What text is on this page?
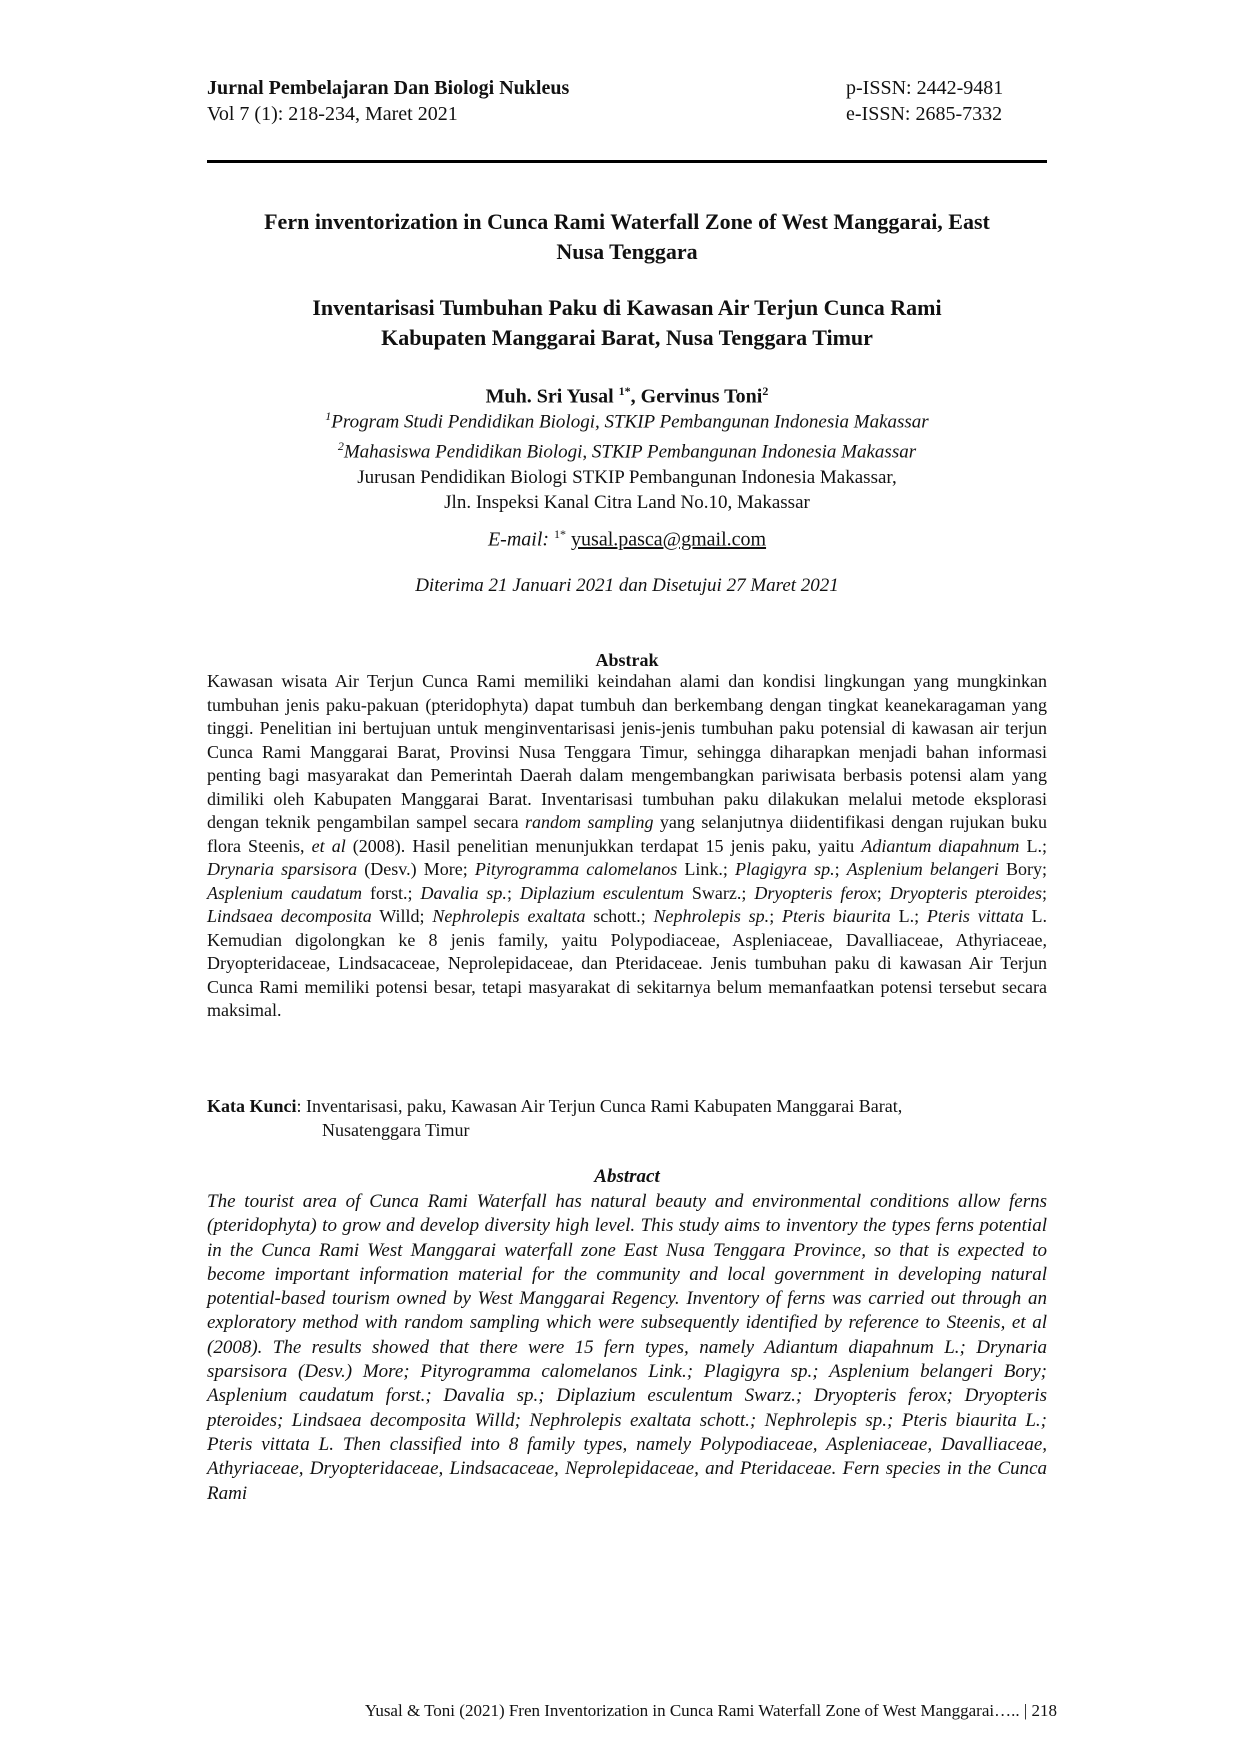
Jurnal Pembelajaran Dan Biologi Nukleus
Vol 7 (1): 218-234, Maret 2021
p-ISSN: 2442-9481
e-ISSN: 2685-7332
Fern inventorization in Cunca Rami Waterfall Zone of West Manggarai, East
Nusa Tenggara
Inventarisasi Tumbuhan Paku di Kawasan Air Terjun Cunca Rami
Kabupaten Manggarai Barat, Nusa Tenggara Timur
Muh. Sri Yusal $^{1*}$, Gervinus Toni$^2$
$^1$Program Studi Pendidikan Biologi, STKIP Pembangunan Indonesia Makassar
$^2$Mahasiswa Pendidikan Biologi, STKIP Pembangunan Indonesia Makassar
Jurusan Pendidikan Biologi STKIP Pembangunan Indonesia Makassar,
Jln. Inspeksi Kanal Citra Land No.10, Makassar
E-mail: $^{1*}$ yusal.pasca@gmail.com
Diterima 21 Januari 2021 dan Disetujui 27 Maret 2021
Abstrak
Kawasan wisata Air Terjun Cunca Rami memiliki keindahan alami dan kondisi lingkungan yang mungkinkan tumbuhan jenis paku-pakuan (pteridophyta) dapat tumbuh dan berkembang dengan tingkat keanekaragaman yang tinggi. Penelitian ini bertujuan untuk menginventarisasi jenis-jenis tumbuhan paku potensial di kawasan air terjun Cunca Rami Manggarai Barat, Provinsi Nusa Tenggara Timur, sehingga diharapkan menjadi bahan informasi penting bagi masyarakat dan Pemerintah Daerah dalam mengembangkan pariwisata berbasis potensi alam yang dimiliki oleh Kabupaten Manggarai Barat. Inventarisasi tumbuhan paku dilakukan melalui metode eksplorasi dengan teknik pengambilan sampel secara random sampling yang selanjutnya diidentifikasi dengan rujukan buku flora Steenis, et al (2008). Hasil penelitian menunjukkan terdapat 15 jenis paku, yaitu Adiantum diapahnum L.; Drynaria sparsisora (Desv.) More; Pityrogramma calomelanos Link.; Plagigyra sp.; Asplenium belangeri Bory; Asplenium caudatum forst.; Davalia sp.; Diplazium esculentum Swarz.; Dryopteris ferox; Dryopteris pteroides; Lindsaea decomposita Willd; Nephrolepis exaltata schott.; Nephrolepis sp.; Pteris biaurita L.; Pteris vittata L. Kemudian digolongkan ke 8 jenis family, yaitu Polypodiaceae, Aspleniaceae, Davalliaceae, Athyriaceae, Dryopteridaceae, Lindsacaceae, Neprolepidaceae, dan Pteridaceae. Jenis tumbuhan paku di kawasan Air Terjun Cunca Rami memiliki potensi besar, tetapi masyarakat di sekitarnya belum memanfaatkan potensi tersebut secara maksimal.
Kata Kunci: Inventarisasi, paku, Kawasan Air Terjun Cunca Rami Kabupaten Manggarai Barat,
Nusatenggara Timur
Abstract
The tourist area of Cunca Rami Waterfall has natural beauty and environmental conditions allow ferns (pteridophyta) to grow and develop diversity high level. This study aims to inventory the types ferns potential in the Cunca Rami West Manggarai waterfall zone East Nusa Tenggara Province, so that is expected to become important information material for the community and local government in developing natural potential-based tourism owned by West Manggarai Regency. Inventory of ferns was carried out through an exploratory method with random sampling which were subsequently identified by reference to Steenis, et al (2008). The results showed that there were 15 fern types, namely Adiantum diapahnum L.; Drynaria sparsisora (Desv.) More; Pityrogramma calomelanos Link.; Plagigyra sp.; Asplenium belangeri Bory; Asplenium caudatum forst.; Davalia sp.; Diplazium esculentum Swarz.; Dryopteris ferox; Dryopteris pteroides; Lindsaea decomposita Willd; Nephrolepis exaltata schott.; Nephrolepis sp.; Pteris biaurita L.; Pteris vittata L. Then classified into 8 family types, namely Polypodiaceae, Aspleniaceae, Davalliaceae, Athyriaceae, Dryopteridaceae, Lindsacaceae, Neprolepidaceae, and Pteridaceae. Fern species in the Cunca Rami
Yusal & Toni (2021) Fren Inventorization in Cunca Rami Waterfall Zone of West Manggarai….. | 218
